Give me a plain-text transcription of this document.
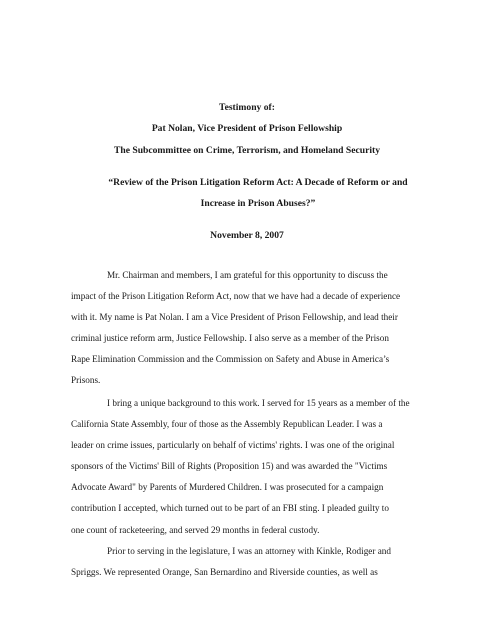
Testimony of:
Pat Nolan, Vice President of Prison Fellowship
The Subcommittee on Crime, Terrorism, and Homeland Security
“Review of the Prison Litigation Reform Act: A Decade of Reform or and Increase in Prison Abuses?”
November 8, 2007
Mr. Chairman and members, I am grateful for this opportunity to discuss the
impact of the Prison Litigation Reform Act, now that we have had a decade of experience
with it. My name is Pat Nolan. I am a Vice President of Prison Fellowship, and lead their
criminal justice reform arm, Justice Fellowship. I also serve as a member of the Prison
Rape Elimination Commission and the Commission on Safety and Abuse in America’s
Prisons.
I bring a unique background to this work. I served for 15 years as a member of the
California State Assembly, four of those as the Assembly Republican Leader. I was a
leader on crime issues, particularly on behalf of victims' rights. I was one of the original
sponsors of the Victims' Bill of Rights (Proposition 15) and was awarded the "Victims
Advocate Award" by Parents of Murdered Children. I was prosecuted for a campaign
contribution I accepted, which turned out to be part of an FBI sting. I pleaded guilty to
one count of racketeering, and served 29 months in federal custody.
Prior to serving in the legislature, I was an attorney with Kinkle, Rodiger and
Spriggs. We represented Orange, San Bernardino and Riverside counties, as well as
